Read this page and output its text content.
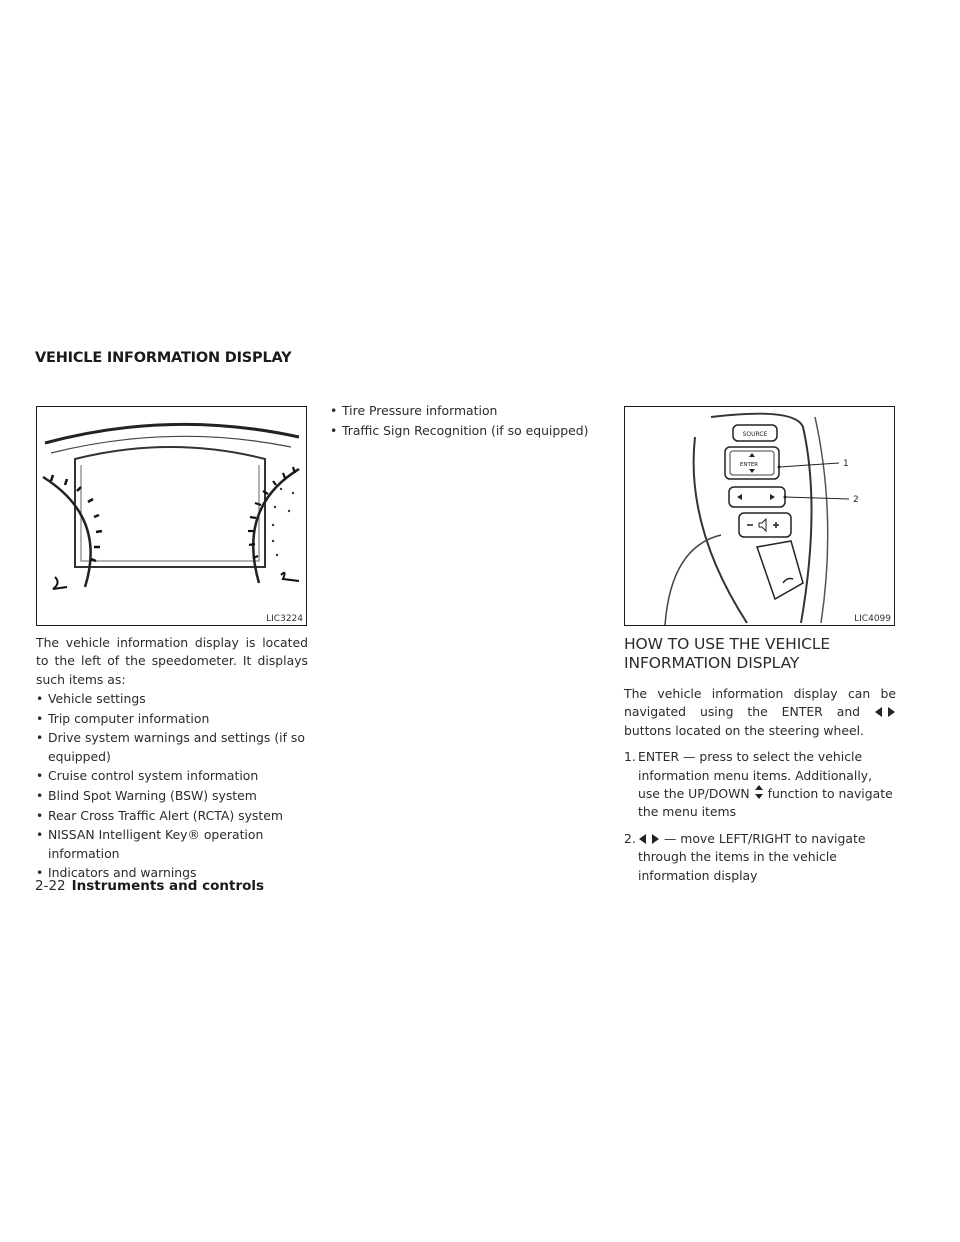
VEHICLE INFORMATION DISPLAY
LIC3224
SOURCE
ENTER	1
2
LIC4099

The vehicle information display is located to the left of the speedometer. It displays such items as:

• Vehicle settings
• Trip computer information
• Drive system warnings and settings (if so equipped)
• Cruise control system information
• Blind Spot Warning (BSW) system
• Rear Cross Traffic Alert (RCTA) system
• NISSAN Intelligent Key® operation information
• Indicators and warnings
• Tire Pressure information
• Traffic Sign Recognition (if so equipped)
HOW TO USE THE VEHICLE INFORMATION DISPLAY

The vehicle information display can be navigated using the ENTER and  buttons located on the steering wheel.

1. ENTER — press to select the vehicle information menu items. Additionally, use the UP/DOWN function to navigate the menu items
2. — move LEFT/RIGHT to navigate through the items in the vehicle information display
2-22 Instruments and controls
